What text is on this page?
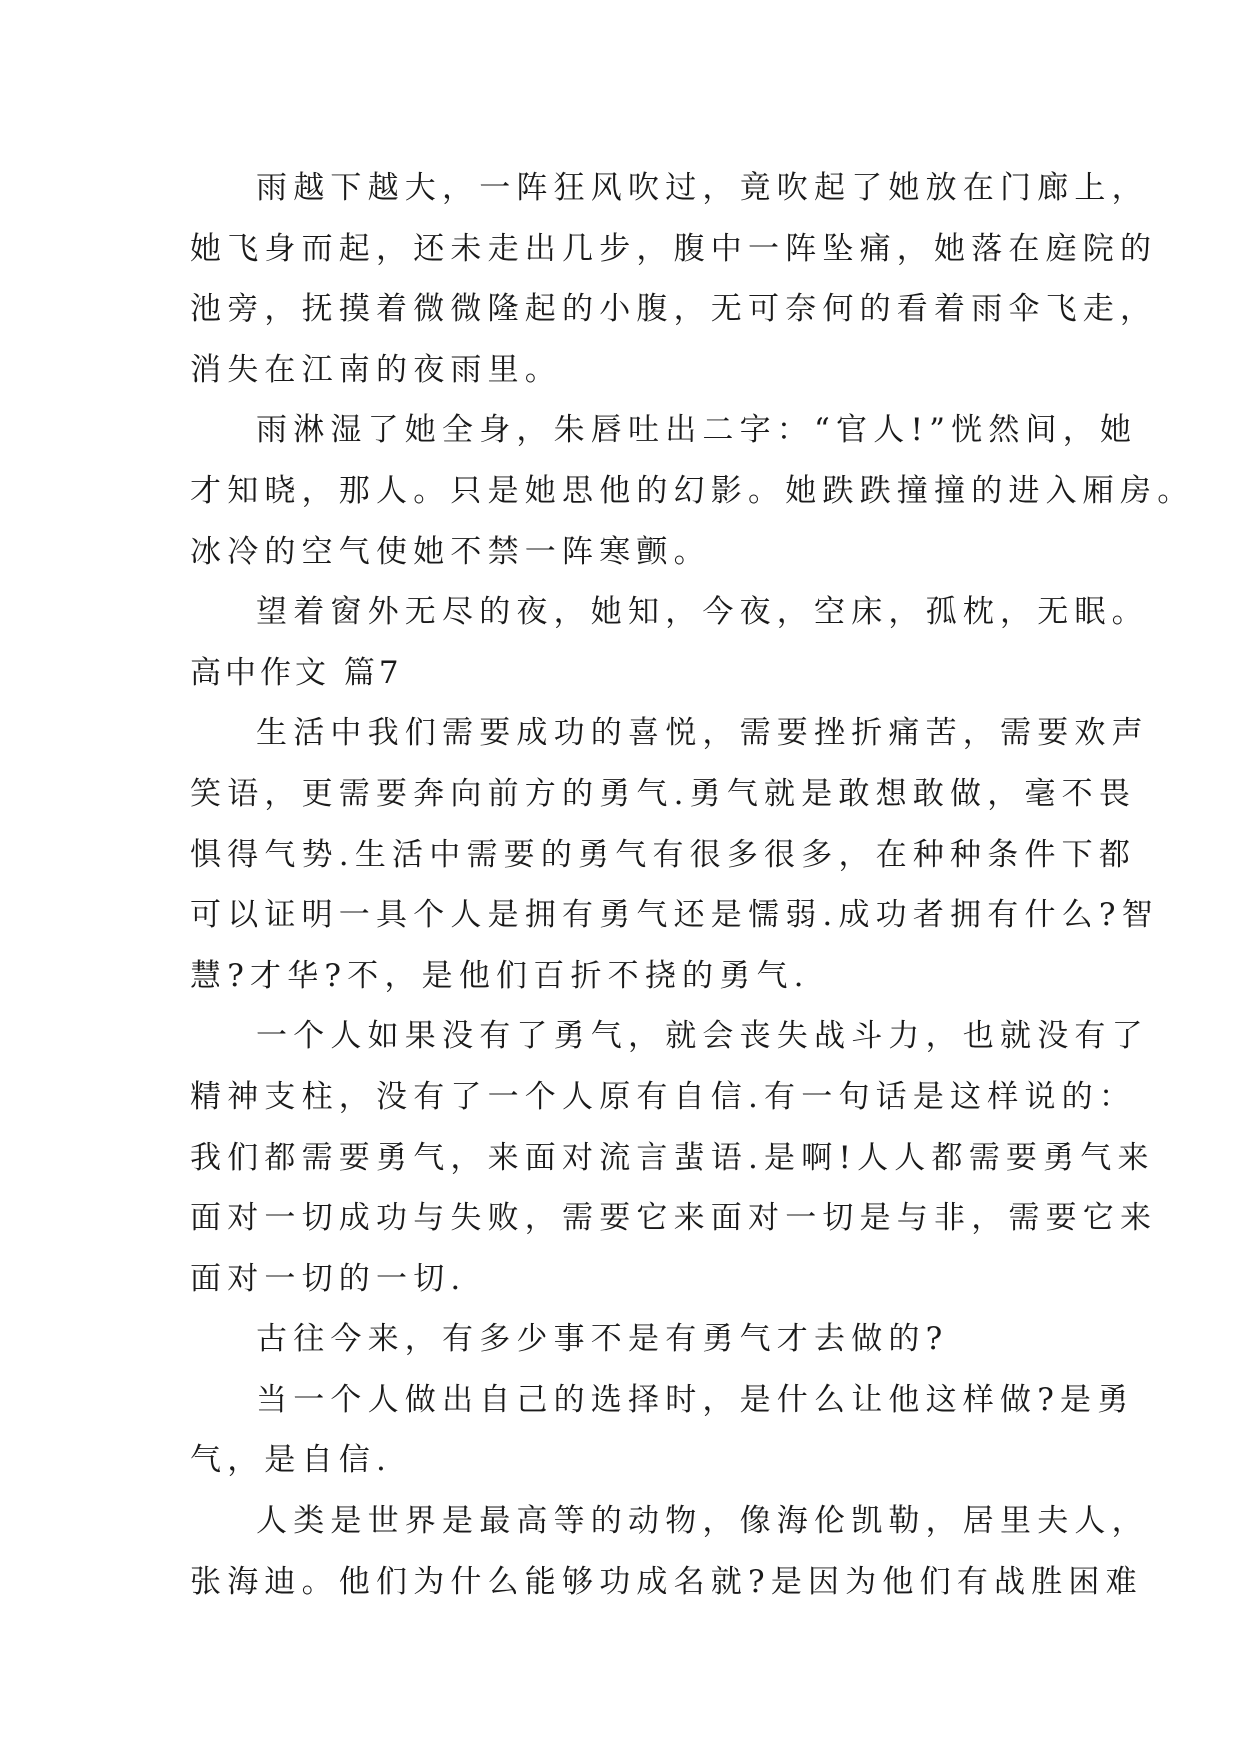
雨越下越大，一阵狂风吹过，竟吹起了她放在门廊上，
她飞身而起，还未走出几步，腹中一阵坠痛，她落在庭院的
池旁，抚摸着微微隆起的小腹，无可奈何的看着雨伞飞走，
消失在江南的夜雨里。
雨淋湿了她全身，朱唇吐出二字：“官人!”恍然间，她
才知晓，那人。只是她思他的幻影。她跌跌撞撞的进入厢房。
冰冷的空气使她不禁一阵寒颤。
望着窗外无尽的夜，她知，今夜，空床，孤枕，无眠。
高中作文 篇7
生活中我们需要成功的喜悦，需要挫折痛苦，需要欢声
笑语，更需要奔向前方的勇气.勇气就是敢想敢做，毫不畏
惧得气势.生活中需要的勇气有很多很多，在种种条件下都
可以证明一具个人是拥有勇气还是懦弱.成功者拥有什么?智
慧?才华?不，是他们百折不挠的勇气.
一个人如果没有了勇气，就会丧失战斗力，也就没有了
精神支柱，没有了一个人原有自信.有一句话是这样说的：
我们都需要勇气，来面对流言蜚语.是啊!人人都需要勇气来
面对一切成功与失败，需要它来面对一切是与非，需要它来
面对一切的一切.
古往今来，有多少事不是有勇气才去做的?
当一个人做出自己的选择时，是什么让他这样做?是勇
气，是自信.
人类是世界是最高等的动物，像海伦凯勒，居里夫人，
张海迪。他们为什么能够功成名就?是因为他们有战胜困难
